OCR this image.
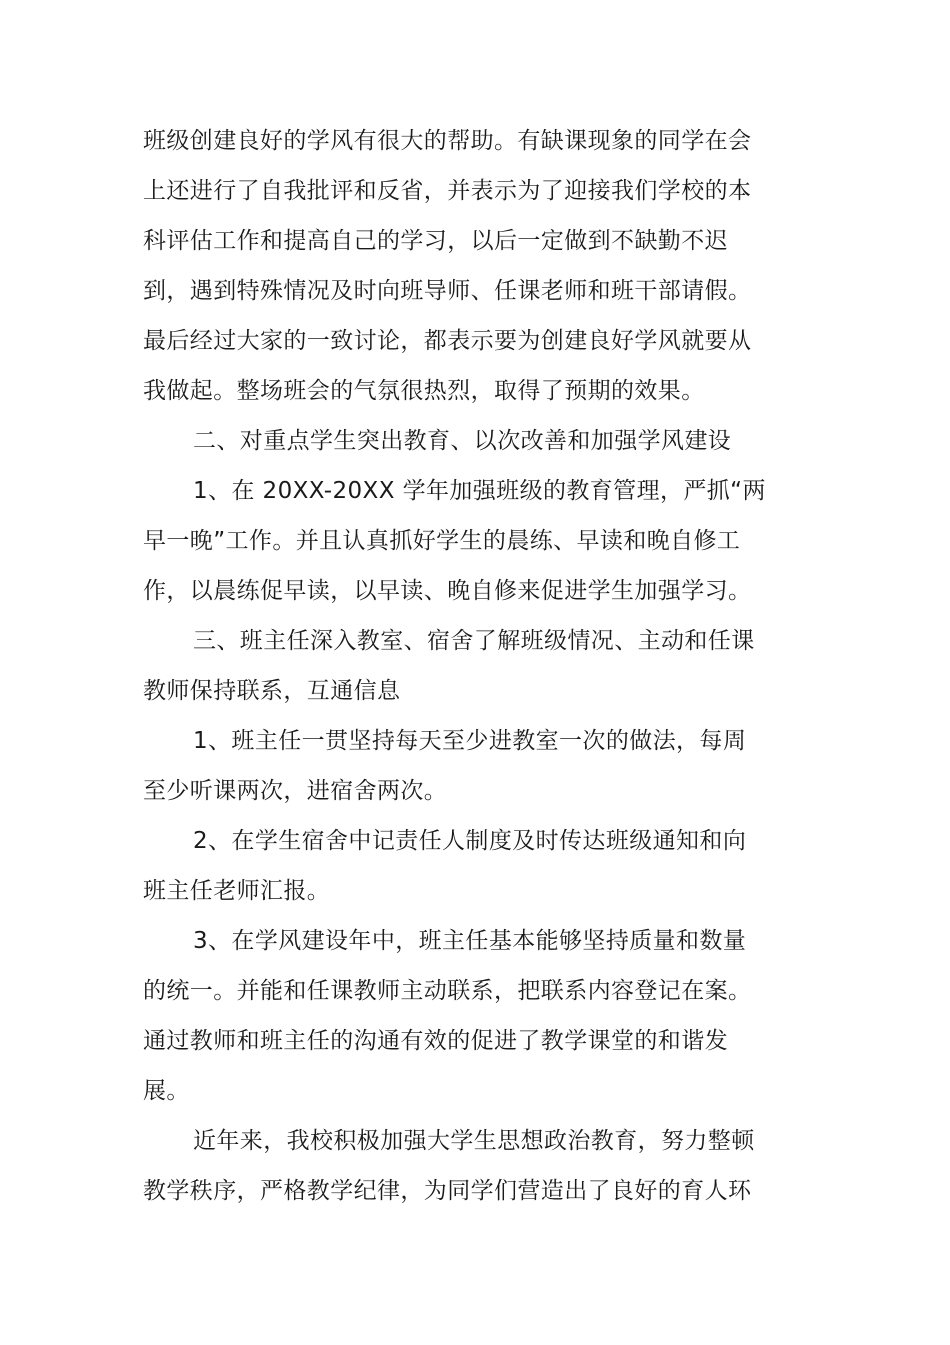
班级创建良好的学风有很大的帮助。有缺课现象的同学在会
上还进行了自我批评和反省，并表示为了迎接我们学校的本
科评估工作和提高自己的学习，以后一定做到不缺勤不迟
到，遇到特殊情况及时向班导师、任课老师和班干部请假。
最后经过大家的一致讨论，都表示要为创建良好学风就要从
我做起。整场班会的气氛很热烈，取得了预期的效果。
二、对重点学生突出教育、以次改善和加强学风建设
1、在 20XX-20XX 学年加强班级的教育管理，严抓“两
早一晚”工作。并且认真抓好学生的晨练、早读和晚自修工
作，以晨练促早读，以早读、晚自修来促进学生加强学习。
三、班主任深入教室、宿舍了解班级情况、主动和任课
教师保持联系，互通信息
1、班主任一贯坚持每天至少进教室一次的做法，每周
至少听课两次，进宿舍两次。
2、在学生宿舍中记责任人制度及时传达班级通知和向
班主任老师汇报。
3、在学风建设年中，班主任基本能够坚持质量和数量
的统一。并能和任课教师主动联系，把联系内容登记在案。
通过教师和班主任的沟通有效的促进了教学课堂的和谐发
展。
近年来，我校积极加强大学生思想政治教育，努力整顿
教学秩序，严格教学纪律，为同学们营造出了良好的育人环
